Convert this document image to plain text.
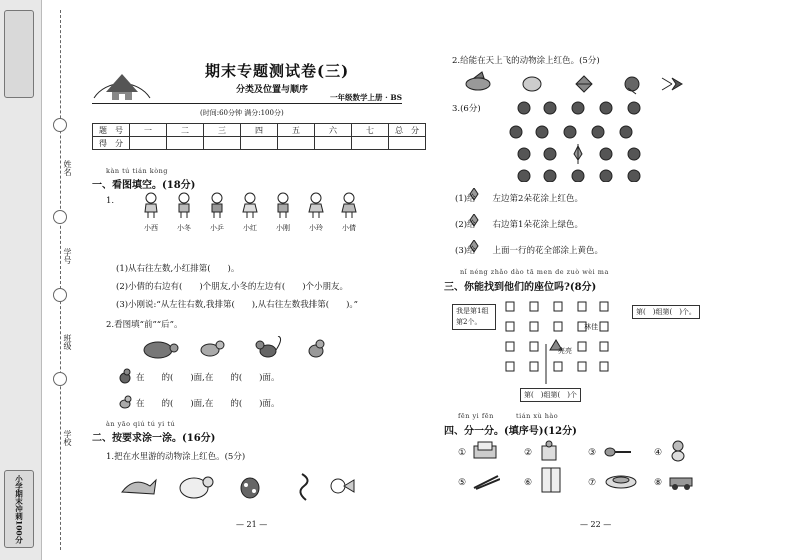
小学期末冲刺100分
姓名
学号
班级
学校
期末专题测试卷(三)
分类及位置与顺序
一年级数学上册 · BS
(时间:60分钟 满分:100分)
题　号	一	二	三	四	五	六	七	总　分
得　分								
kàn tú tián kòng
一、看图填空。(18分)
1.
小西	小冬	小乒	小红	小刚	小玲	小倩
(1)从右往左数,小红排第(　　)。
(2)小倩的右边有(　　)个朋友,小冬的左边有(　　)个小朋友。
(3)小刚说:“从左往右数,我排第(　　),从右往左数我排第(　　)。”
2.看图填“前”“后”。
在　　的(　　)面,在　　的(　　)面。
在　　的(　　)面,在　　的(　　)面。
àn yāo qiú tú yi tú
二、按要求涂一涂。(16分)
1.把在水里游的动物涂上红色。(5分)
— 21 —
2.给能在天上飞的动物涂上红色。(5分)
3.(6分)
(1)给　　左边第2朵花涂上红色。
(2)给　　右边第1朵花涂上绿色。
(3)给　　上面一行的花全部涂上黄色。
nǐ néng zhǎo dào tā men de zuò wèi ma
三、你能找到他们的座位吗?(8分)
我是第1组第2个。
林佳
亮亮
第(　)组第(　)个。
第(　)组第(　)个
fēn yi fēn	tián xù hào
四、分一分。(填序号)(12分)
①	②	③	④
⑤	⑥	⑦	⑧
— 22 —
